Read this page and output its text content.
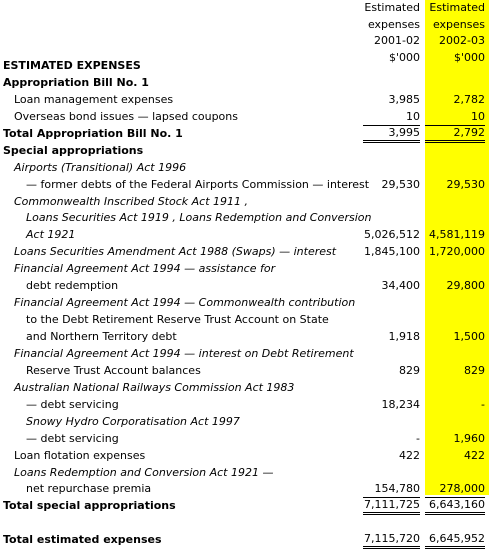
Estimated
expenses
2001-02
$'000
Estimated
expenses
2002-03
$'000
ESTIMATED EXPENSES
Appropriation Bill No. 1
Loan management expenses	3,985	2,782
Overseas bond issues — lapsed coupons	10	10
Total Appropriation Bill No. 1	3,995	2,792
Special appropriations
Airports (Transitional) Act 1996
— former debts of the Federal Airports Commission — interest	29,530	29,530
Commonwealth Inscribed Stock Act 1911 ,
Loans Securities Act 1919 , Loans Redemption and Conversion
Act 1921	5,026,512 4,581,119
Loans Securities Amendment Act 1988 (Swaps) — interest	1,845,100 1,720,000
Financial Agreement Act 1994 — assistance for
debt redemption	34,400	29,800
Financial Agreement Act 1994 — Commonwealth contribution
to the Debt Retirement Reserve Trust Account on State
and Northern Territory debt	1,918	1,500
Financial Agreement Act 1994 — interest on Debt Retirement
Reserve Trust Account balances	829	829
Australian National Railways Commission Act 1983
— debt servicing	18,234	-
Snowy Hydro Corporatisation Act 1997
— debt servicing	-	1,960
Loan flotation expenses	422	422
Loans Redemption and Conversion Act 1921 —
net repurchase premia	154,780	278,000
Total special appropriations	7,111,725 6,643,160
Total estimated expenses	7,115,720 6,645,952
